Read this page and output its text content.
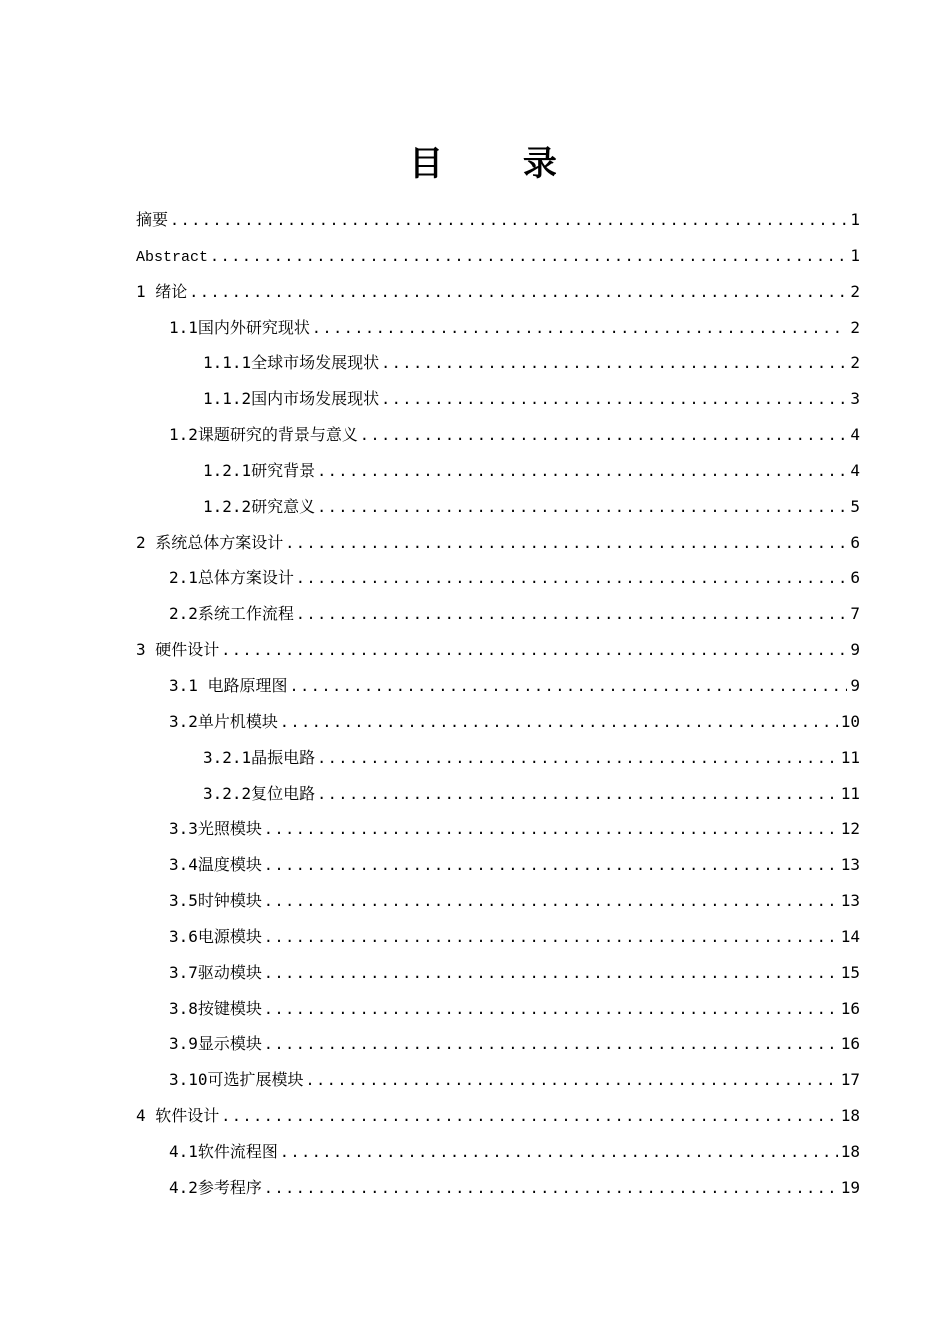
目 录
摘要 .....	1
Abstract .....	1
1 绪论 .....	2
1.1国内外研究现状 .....	2
1.1.1全球市场发展现状 .....	2
1.1.2国内市场发展现状 .....	3
1.2课题研究的背景与意义 .....	4
1.2.1研究背景 .....	4
1.2.2研究意义 .....	5
2 系统总体方案设计 .....	6
2.1总体方案设计 .....	6
2.2系统工作流程 .....	7
3 硬件设计 .....	9
3.1 电路原理图 .....	9
3.2单片机模块 .....	10
3.2.1晶振电路 .....	11
3.2.2复位电路 .....	11
3.3光照模块 .....	12
3.4温度模块 .....	13
3.5时钟模块 .....	13
3.6电源模块 .....	14
3.7驱动模块 .....	15
3.8按键模块 .....	16
3.9显示模块 .....	16
3.10可选扩展模块 .....	17
4 软件设计 .....	18
4.1软件流程图 .....	18
4.2参考程序 .....	19
